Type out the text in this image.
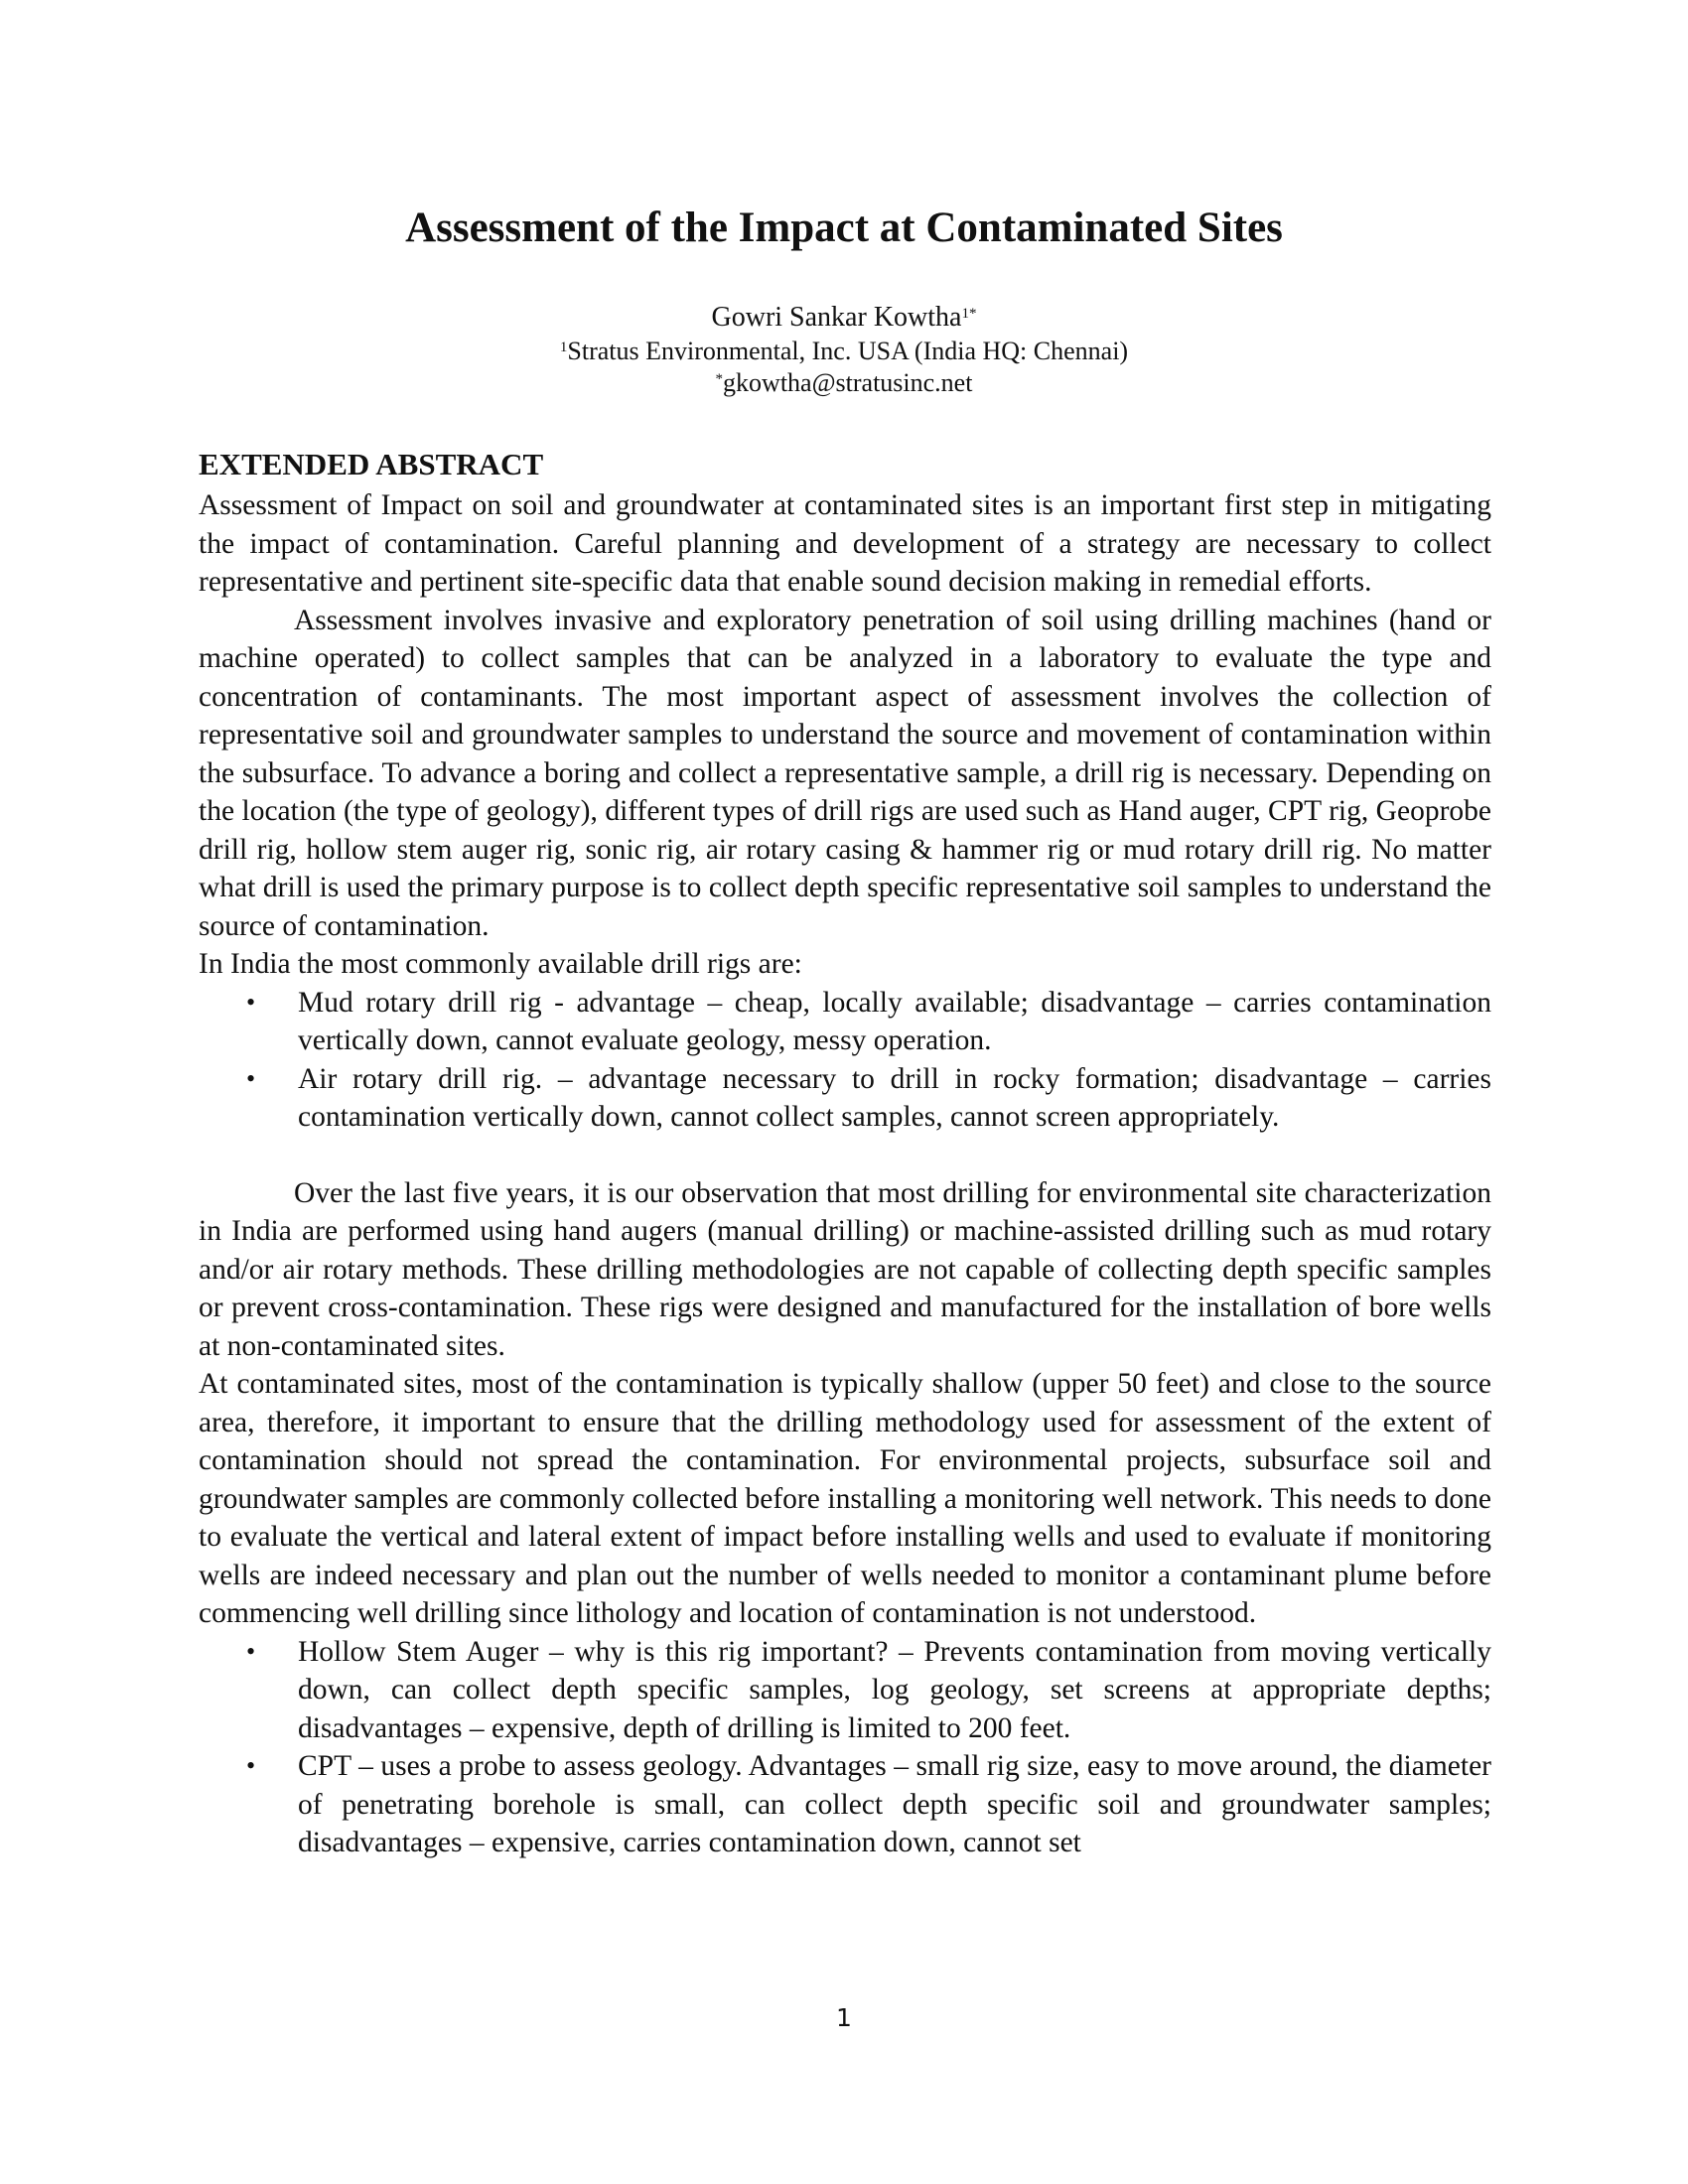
Assessment of the Impact at Contaminated Sites
Gowri Sankar Kowtha$^{1*}$
$^1$Stratus Environmental, Inc. USA (India HQ: Chennai)
*gkowtha@stratusinc.net
EXTENDED ABSTRACT

Assessment of Impact on soil and groundwater at contaminated sites is an important first step in mitigating the impact of contamination. Careful planning and development of a strategy are necessary to collect representative and pertinent site-specific data that enable sound decision making in remedial efforts.

Assessment involves invasive and exploratory penetration of soil using drilling machines (hand or machine operated) to collect samples that can be analyzed in a laboratory to evaluate the type and concentration of contaminants. The most important aspect of assessment involves the collection of representative soil and groundwater samples to understand the source and movement of contamination within the subsurface. To advance a boring and collect a representative sample, a drill rig is necessary. Depending on the location (the type of geology), different types of drill rigs are used such as Hand auger, CPT rig, Geoprobe drill rig, hollow stem auger rig, sonic rig, air rotary casing & hammer rig or mud rotary drill rig. No matter what drill is used the primary purpose is to collect depth specific representative soil samples to understand the source of contamination.

In India the most commonly available drill rigs are:

• Mud rotary drill rig - advantage – cheap, locally available; disadvantage – carries contamination vertically down, cannot evaluate geology, messy operation.
• Air rotary drill rig. – advantage necessary to drill in rocky formation; disadvantage – carries contamination vertically down, cannot collect samples, cannot screen appropriately.

Over the last five years, it is our observation that most drilling for environmental site characterization in India are performed using hand augers (manual drilling) or machine-assisted drilling such as mud rotary and/or air rotary methods. These drilling methodologies are not capable of collecting depth specific samples or prevent cross-contamination. These rigs were designed and manufactured for the installation of bore wells at non-contaminated sites.

At contaminated sites, most of the contamination is typically shallow (upper 50 feet) and close to the source area, therefore, it important to ensure that the drilling methodology used for assessment of the extent of contamination should not spread the contamination. For environmental projects, subsurface soil and groundwater samples are commonly collected before installing a monitoring well network. This needs to done to evaluate the vertical and lateral extent of impact before installing wells and used to evaluate if monitoring wells are indeed necessary and plan out the number of wells needed to monitor a contaminant plume before commencing well drilling since lithology and location of contamination is not understood.

• Hollow Stem Auger – why is this rig important? – Prevents contamination from moving vertically down, can collect depth specific samples, log geology, set screens at appropriate depths; disadvantages – expensive, depth of drilling is limited to 200 feet.
• CPT – uses a probe to assess geology. Advantages – small rig size, easy to move around, the diameter of penetrating borehole is small, can collect depth specific soil and groundwater samples; disadvantages – expensive, carries contamination down, cannot set
1
